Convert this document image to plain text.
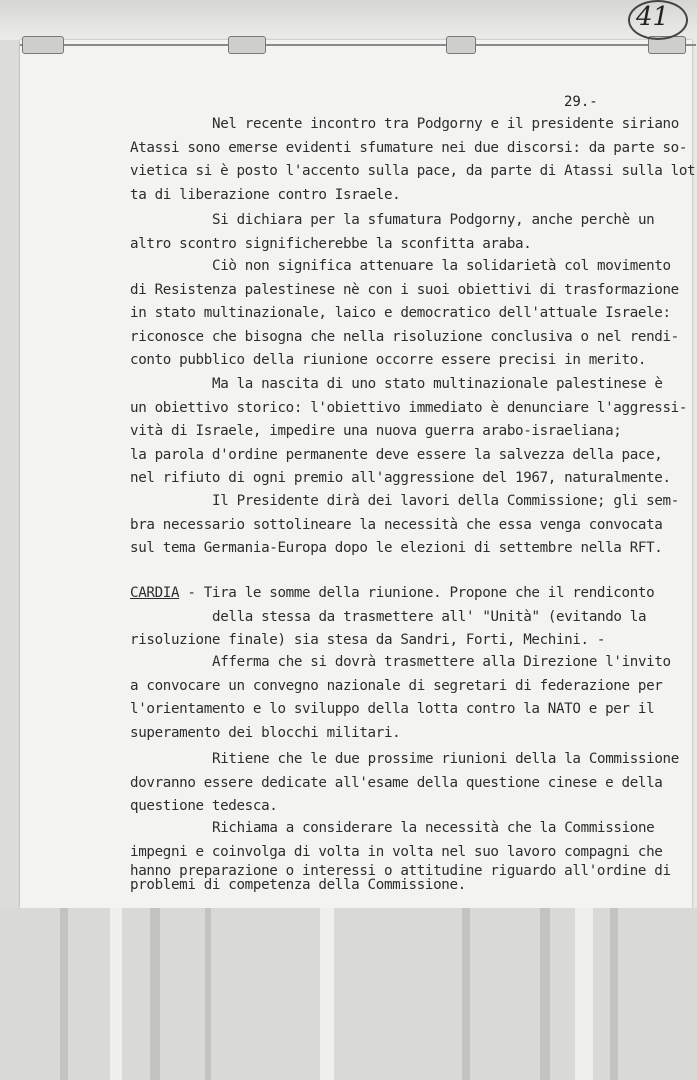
41
29.-
Nel recente incontro tra Podgorny e il presidente siriano
Atassi sono emerse evidenti sfumature nei due discorsi: da parte so-
vietica si è posto l'accento sulla pace, da parte di Atassi sulla lot
ta di liberazione contro Israele.
Si dichiara per la sfumatura Podgorny, anche perchè un
altro scontro significherebbe la sconfitta araba.
Ciò non significa attenuare la solidarietà col movimento
di Resistenza palestinese nè con i suoi obiettivi di trasformazione
in stato multinazionale, laico e democratico dell'attuale Israele:
riconosce che bisogna che nella risoluzione conclusiva o nel rendi-
conto pubblico della riunione occorre essere precisi in merito.
Ma la nascita di uno stato multinazionale palestinese è
un obiettivo storico: l'obiettivo immediato è denunciare l'aggressi-
vità di Israele, impedire una nuova guerra arabo-israeliana;
la parola d'ordine permanente deve essere la salvezza della pace,
nel rifiuto di ogni premio all'aggressione del 1967, naturalmente.
Il Presidente dirà dei lavori della Commissione; gli sem-
bra necessario sottolineare la necessità che essa venga convocata
sul tema Germania-Europa dopo le elezioni di settembre nella RFT.
CARDIA - Tira le somme della riunione. Propone che il rendiconto
della stessa da trasmettere all' "Unità" (evitando la
risoluzione finale) sia stesa da Sandri, Forti, Mechini. -
Afferma che si dovrà trasmettere alla Direzione l'invito
a convocare un convegno nazionale di segretari di federazione per
l'orientamento e lo sviluppo della lotta contro la NATO e per il
superamento dei blocchi militari.
Ritiene che le due prossime riunioni della la Commissione
dovranno essere dedicate all'esame della questione cinese e della
questione tedesca.
Richiama a considerare la necessità che la Commissione
impegni e coinvolga di volta in volta nel suo lavoro compagni che
hanno preparazione o interessi o attitudine riguardo all'ordine di
problemi di competenza della Commissione.
